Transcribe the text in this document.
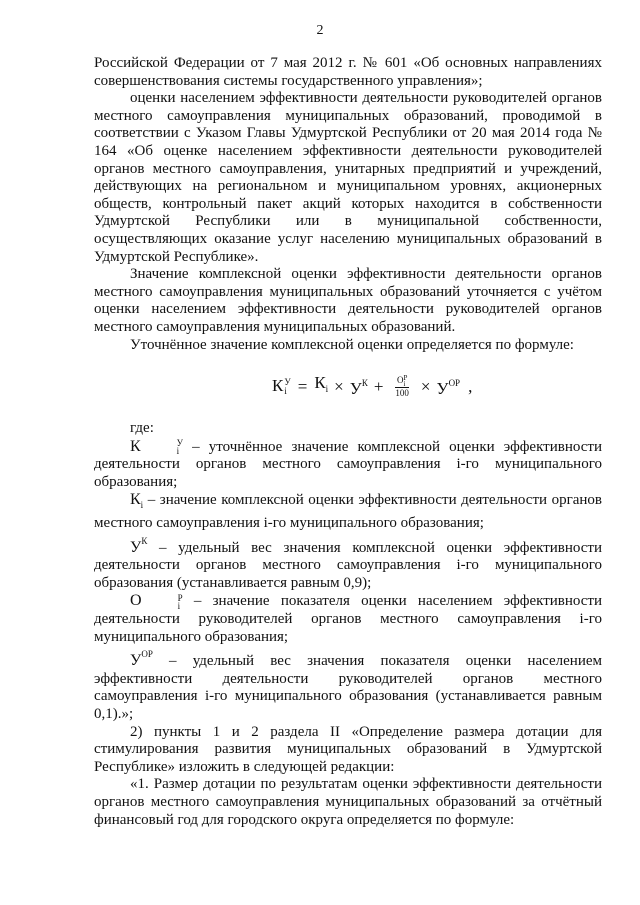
2

Российской Федерации от 7 мая 2012 г. № 601 «Об основных направлениях совершенствования системы государственного управления»;

оценки населением эффективности деятельности руководителей органов местного самоуправления муниципальных образований, проводимой в соответствии с Указом Главы Удмуртской Республики от 20 мая 2014 года № 164 «Об оценке населением эффективности деятельности руководителей органов местного самоуправления, унитарных предприятий и учреждений, действующих на региональном и муниципальном уровнях, акционерных обществ, контрольный пакет акций которых находится в собственности Удмуртской Республики или в муниципальной собственности, осуществляющих оказание услуг населению муниципальных образований в Удмуртской Республике».

Значение комплексной оценки эффективности деятельности органов местного самоуправления муниципальных образований уточняется с учётом оценки населением эффективности деятельности руководителей органов местного самоуправления муниципальных образований.

Уточнённое значение комплексной оценки определяется по формуле:

К У
$i = К_i \times У^К + О$ Р
i
$100 \times У^{ОР}$ ,

где:

К	У
i – уточнённое значение комплексной оценки эффективности деятельности органов местного самоуправления i-го муниципального образования;

$К_i$ – значение комплексной оценки эффективности деятельности органов местного самоуправления i-го муниципального образования;

$У^К$ – удельный вес значения комплексной оценки эффективности деятельности органов местного самоуправления i-го муниципального образования (устанавливается равным 0,9);

О	Р
i – значение показателя оценки населением эффективности деятельности руководителей органов местного самоуправления i-го муниципального образования;

$У^{ОР}$ – удельный вес значения показателя оценки населением эффективности деятельности руководителей органов местного самоуправления i-го муниципального образования (устанавливается равным 0,1).»;

2) пункты 1 и 2 раздела II «Определение размера дотации для стимулирования развития муниципальных образований в Удмуртской Республике» изложить в следующей редакции:

«1. Размер дотации по результатам оценки эффективности деятельности органов местного самоуправления муниципальных образований за отчётный финансовый год для городского округа определяется по формуле:
